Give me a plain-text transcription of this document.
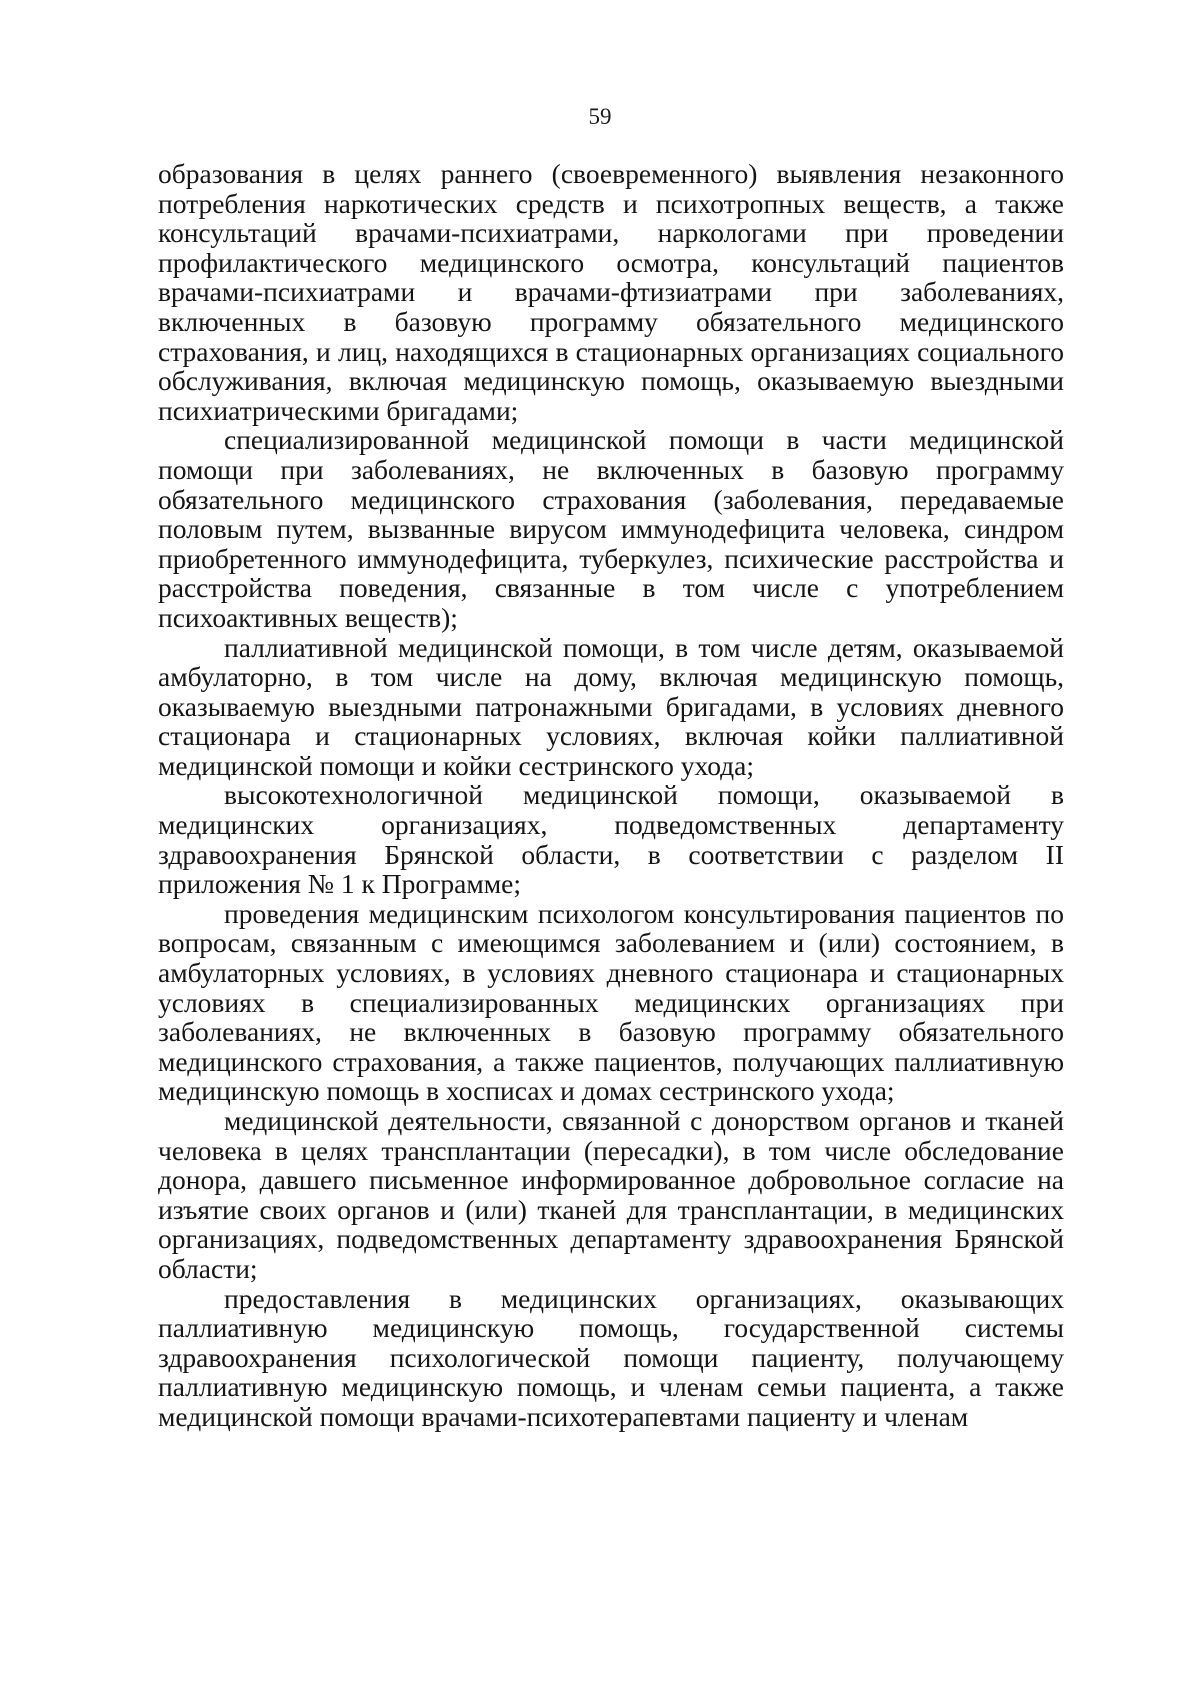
59

образования в целях раннего (своевременного) выявления незаконного потребления наркотических средств и психотропных веществ, а также консультаций врачами-психиатрами, наркологами при проведении профилактического медицинского осмотра, консультаций пациентов врачами-психиатрами и врачами-фтизиатрами при заболеваниях, включенных в базовую программу обязательного медицинского страхования, и лиц, находящихся в стационарных организациях социального обслуживания, включая медицинскую помощь, оказываемую выездными психиатрическими бригадами;

специализированной медицинской помощи в части медицинской помощи при заболеваниях, не включенных в базовую программу обязательного медицинского страхования (заболевания, передаваемые половым путем, вызванные вирусом иммунодефицита человека, синдром приобретенного иммунодефицита, туберкулез, психические расстройства и расстройства поведения, связанные в том числе с употреблением психоактивных веществ);

паллиативной медицинской помощи, в том числе детям, оказываемой амбулаторно, в том числе на дому, включая медицинскую помощь, оказываемую выездными патронажными бригадами, в условиях дневного стационара и стационарных условиях, включая койки паллиативной медицинской помощи и койки сестринского ухода;

высокотехнологичной медицинской помощи, оказываемой в медицинских организациях, подведомственных департаменту здравоохранения Брянской области, в соответствии с разделом II приложения № 1 к Программе;

проведения медицинским психологом консультирования пациентов по вопросам, связанным с имеющимся заболеванием и (или) состоянием, в амбулаторных условиях, в условиях дневного стационара и стационарных условиях в специализированных медицинских организациях при заболеваниях, не включенных в базовую программу обязательного медицинского страхования, а также пациентов, получающих паллиативную медицинскую помощь в хосписах и домах сестринского ухода;

медицинской деятельности, связанной с донорством органов и тканей человека в целях трансплантации (пересадки), в том числе обследование донора, давшего письменное информированное добровольное согласие на изъятие своих органов и (или) тканей для трансплантации, в медицинских организациях, подведомственных департаменту здравоохранения Брянской области;

предоставления в медицинских организациях, оказывающих паллиативную медицинскую помощь, государственной системы здравоохранения психологической помощи пациенту, получающему паллиативную медицинскую помощь, и членам семьи пациента, а также медицинской помощи врачами-психотерапевтами пациенту и членам
